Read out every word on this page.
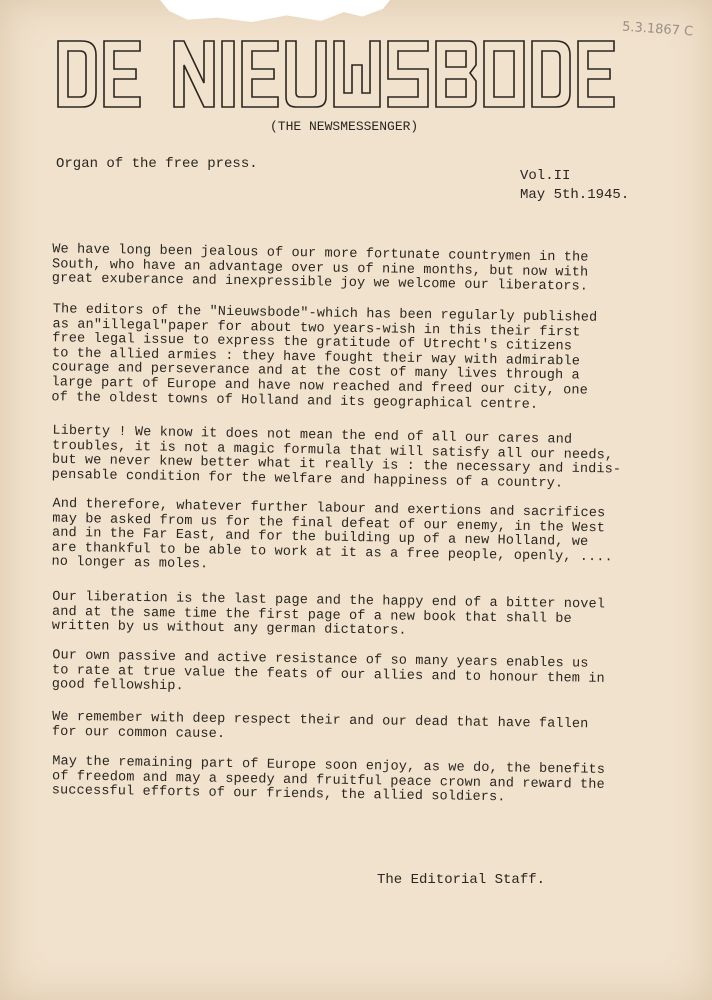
5.3.1867 C
(THE NEWSMESSENGER)
Organ of the free press.
Vol.II
May 5th.1945.
We have long been jealous of our more fortunate countrymen in the
South, who have an advantage over us of nine months, but now with
great exuberance and inexpressible joy we welcome our liberators.
The editors of the "Nieuwsbode"-which has been regularly published
as an"illegal"paper for about two years-wish in this their first
free legal issue to express the gratitude of Utrecht's citizens
to the allied armies : they have fought their way with admirable
courage and perseverance and at the cost of many lives through a
large part of Europe and have now reached and freed our city, one
of the oldest towns of Holland and its geographical centre.
Liberty ! We know it does not mean the end of all our cares and
troubles, it is not a magic formula that will satisfy all our needs,
but we never knew better what it really is : the necessary and indis-
pensable condition for the welfare and happiness of a country.
And therefore, whatever further labour and exertions and sacrifices
may be asked from us for the final defeat of our enemy, in the West
and in the Far East, and for the building up of a new Holland, we
are thankful to be able to work at it as a free people, openly, ....
no longer as moles.
Our liberation is the last page and the happy end of a bitter novel
and at the same time the first page of a new book that shall be
written by us without any german dictators.
Our own passive and active resistance of so many years enables us
to rate at true value the feats of our allies and to honour them in
good fellowship.
We remember with deep respect their and our dead that have fallen
for our common cause.
May the remaining part of Europe soon enjoy, as we do, the benefits
of freedom and may a speedy and fruitful peace crown and reward the
successful efforts of our friends, the allied soldiers.
The Editorial Staff.
